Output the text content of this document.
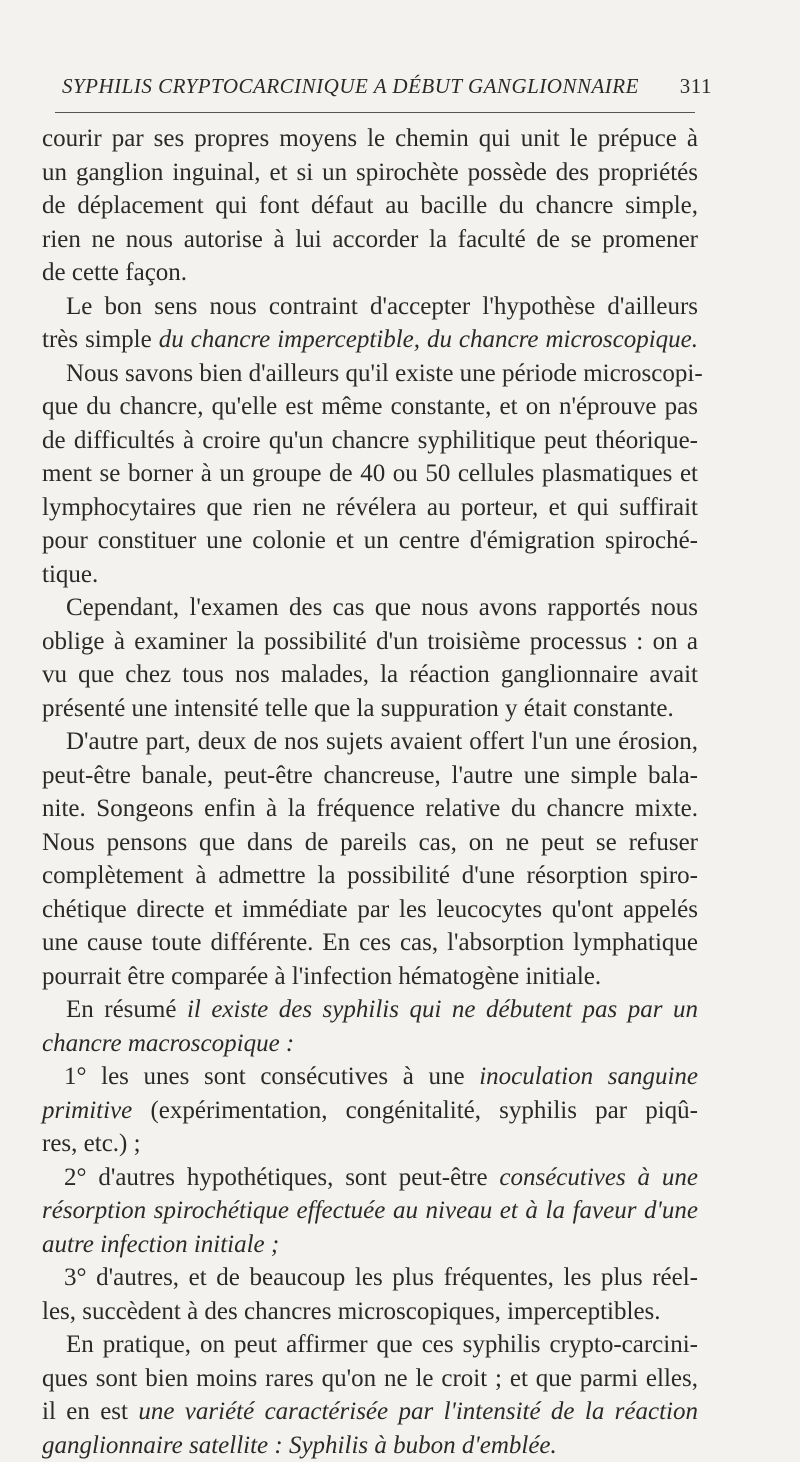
SYPHILIS CRYPTOCARCINIQUE A DÉBUT GANGLIONNAIRE 311
courir par ses propres moyens le chemin qui unit le prépuce à
un ganglion inguinal, et si un spirochète possède des propriétés
de déplacement qui font défaut au bacille du chancre simple,
rien ne nous autorise à lui accorder la faculté de se promener
de cette façon.
Le bon sens nous contraint d'accepter l'hypothèse d'ailleurs
très simple du chancre imperceptible, du chancre microscopique.
Nous savons bien d'ailleurs qu'il existe une période microscopi-
que du chancre, qu'elle est même constante, et on n'éprouve pas
de difficultés à croire qu'un chancre syphilitique peut théorique-
ment se borner à un groupe de 40 ou 50 cellules plasmatiques et
lymphocytaires que rien ne révélera au porteur, et qui suffirait
pour constituer une colonie et un centre d'émigration spiroché-
tique.
Cependant, l'examen des cas que nous avons rapportés nous
oblige à examiner la possibilité d'un troisième processus : on a
vu que chez tous nos malades, la réaction ganglionnaire avait
présenté une intensité telle que la suppuration y était constante.
D'autre part, deux de nos sujets avaient offert l'un une érosion,
peut-être banale, peut-être chancreuse, l'autre une simple bala-
nite. Songeons enfin à la fréquence relative du chancre mixte.
Nous pensons que dans de pareils cas, on ne peut se refuser
complètement à admettre la possibilité d'une résorption spiro-
chétique directe et immédiate par les leucocytes qu'ont appelés
une cause toute différente. En ces cas, l'absorption lymphatique
pourrait être comparée à l'infection hématogène initiale.
En résumé il existe des syphilis qui ne débutent pas par un
chancre macroscopique :
1° les unes sont consécutives à une inoculation sanguine
primitive (expérimentation, congénitalité, syphilis par piqû-
res, etc.) ;
2° d'autres hypothétiques, sont peut-être consécutives à une
résorption spirochétique effectuée au niveau et à la faveur d'une
autre infection initiale ;
3° d'autres, et de beaucoup les plus fréquentes, les plus réel-
les, succèdent à des chancres microscopiques, imperceptibles.
En pratique, on peut affirmer que ces syphilis crypto-carcini-
ques sont bien moins rares qu'on ne le croit ; et que parmi elles,
il en est une variété caractérisée par l'intensité de la réaction
ganglionnaire satellite : Syphilis à bubon d'emblée.
